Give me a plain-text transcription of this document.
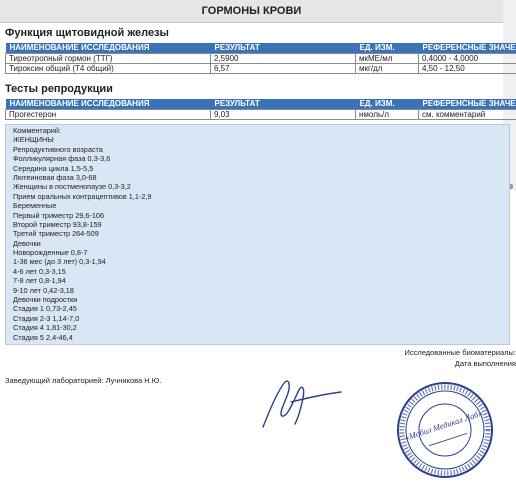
ГОРМОНЫ КРОВИ
Функция щитовидной железы
НАИМЕНОВАНИЕ ИССЛЕДОВАНИЯ	РЕЗУЛЬТАТ	ЕД. ИЗМ.	РЕФЕРЕНСНЫЕ ЗНАЧЕ
Тиреотропный гормон (ТТГ)	2,5900	мкМЕ/мл	0,4000 - 4,0000
Тироксин общий (Т4 общий)	6,57	мкг/дл	4,50 - 12,50
Тесты репродукции
НАИМЕНОВАНИЕ ИССЛЕДОВАНИЯ	РЕЗУЛЬТАТ	ЕД. ИЗМ.	РЕФЕРЕНСНЫЕ ЗНАЧЕ
Прогестерон	9,03	нмоль/л	см. комментарий
Комментарий:
ЖЕНЩИНЫ
Репродуктивного возраста
Фолликулярная фаза 0,3-3,6
Середина цикла 1,5-5,5
Лютеиновая фаза 3,0-68
Женщины в постменопаузе 0,3-3,2
Прием оральных контрацептивов 1,1-2,9
Беременные
Первый триместр 29,6-106
Второй триместр 93,8-159
Третий триместр 264-509
Девочки
Новорожденные 0,8-7
1-36 мес (до 3 лет) 0,3-1,94
4-6 лет 0,3-3,15
7-8 лет 0,8-1,94
9-10 лет 0,42-3,18
Девочки подростки
Стадия 1 0,73-2,45
Стадия 2-3 1,14-7,0
Стадия 4 1,81-30,2
Стадия 5 2,4-46,4
Исследованные биоматериалы:
Дата выполнения
Заведующий лабораторией: Лучникова Н.Ю.
«Мобил Медикал Лаб»
